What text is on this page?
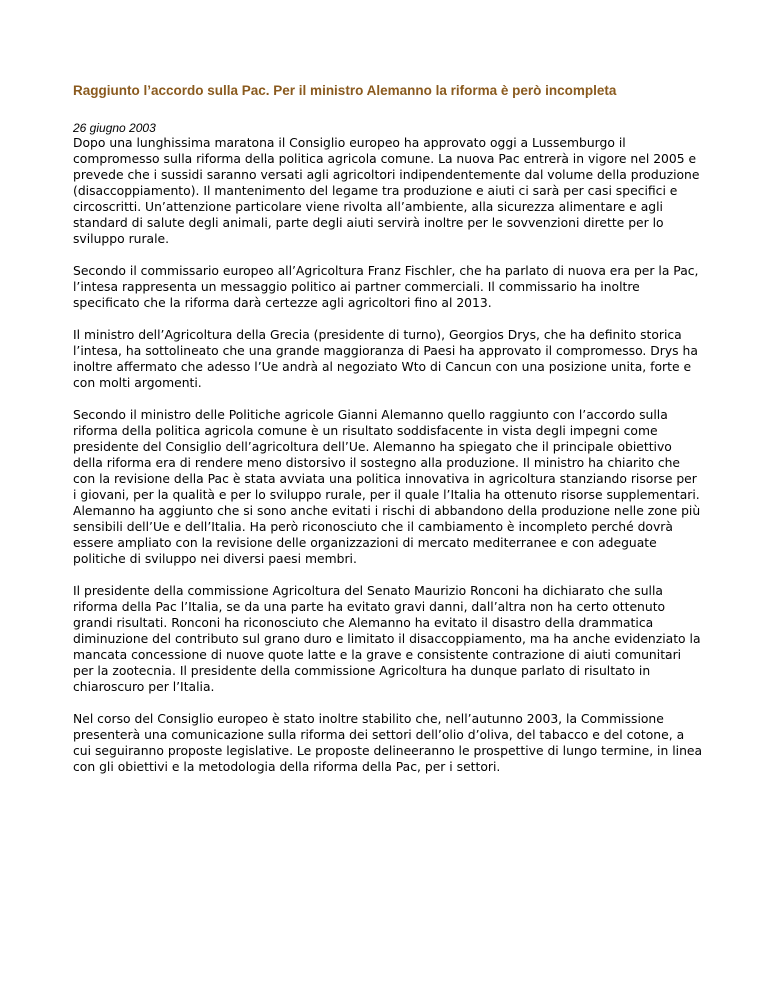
Raggiunto l’accordo sulla Pac. Per il ministro Alemanno la riforma è però incompleta

26 giugno 2003

Dopo una lunghissima maratona il Consiglio europeo ha approvato oggi a Lussemburgo il compromesso sulla riforma della politica agricola comune. La nuova Pac entrerà in vigore nel 2005 e prevede che i sussidi saranno versati agli agricoltori indipendentemente dal volume della produzione (disaccoppiamento). Il mantenimento del legame tra produzione e aiuti ci sarà per casi specifici e circoscritti. Un’attenzione particolare viene rivolta all’ambiente, alla sicurezza alimentare e agli standard di salute degli animali, parte degli aiuti servirà inoltre per le sovvenzioni dirette per lo sviluppo rurale.

Secondo il commissario europeo all’Agricoltura Franz Fischler, che ha parlato di nuova era per la Pac, l’intesa rappresenta un messaggio politico ai partner commerciali. Il commissario ha inoltre specificato che la riforma darà certezze agli agricoltori fino al 2013.

Il ministro dell’Agricoltura della Grecia (presidente di turno), Georgios Drys, che ha definito storica l’intesa, ha sottolineato che una grande maggioranza di Paesi ha approvato il compromesso. Drys ha inoltre affermato che adesso l’Ue andrà al negoziato Wto di Cancun con una posizione unita, forte e con molti argomenti.

Secondo il ministro delle Politiche agricole Gianni Alemanno quello raggiunto con l’accordo sulla riforma della politica agricola comune è un risultato soddisfacente in vista degli impegni come presidente del Consiglio dell’agricoltura dell’Ue. Alemanno ha spiegato che il principale obiettivo della riforma era di rendere meno distorsivo il sostegno alla produzione. Il ministro ha chiarito che con la revisione della Pac è stata avviata una politica innovativa in agricoltura stanziando risorse per i giovani, per la qualità e per lo sviluppo rurale, per il quale l’Italia ha ottenuto risorse supplementari. Alemanno ha aggiunto che si sono anche evitati i rischi di abbandono della produzione nelle zone più sensibili dell’Ue e dell’Italia. Ha però riconosciuto che il cambiamento è incompleto perché dovrà essere ampliato con la revisione delle organizzazioni di mercato mediterranee e con adeguate politiche di sviluppo nei diversi paesi membri.

Il presidente della commissione Agricoltura del Senato Maurizio Ronconi ha dichiarato che sulla riforma della Pac l’Italia, se da una parte ha evitato gravi danni, dall’altra non ha certo ottenuto grandi risultati. Ronconi ha riconosciuto che Alemanno ha evitato il disastro della drammatica diminuzione del contributo sul grano duro e limitato il disaccoppiamento, ma ha anche evidenziato la mancata concessione di nuove quote latte e la grave e consistente contrazione di aiuti comunitari per la zootecnia. Il presidente della commissione Agricoltura ha dunque parlato di risultato in chiaroscuro per l’Italia.

Nel corso del Consiglio europeo è stato inoltre stabilito che, nell’autunno 2003, la Commissione presenterà una comunicazione sulla riforma dei settori dell’olio d’oliva, del tabacco e del cotone, a cui seguiranno proposte legislative. Le proposte delineeranno le prospettive di lungo termine, in linea con gli obiettivi e la metodologia della riforma della Pac, per i settori.
